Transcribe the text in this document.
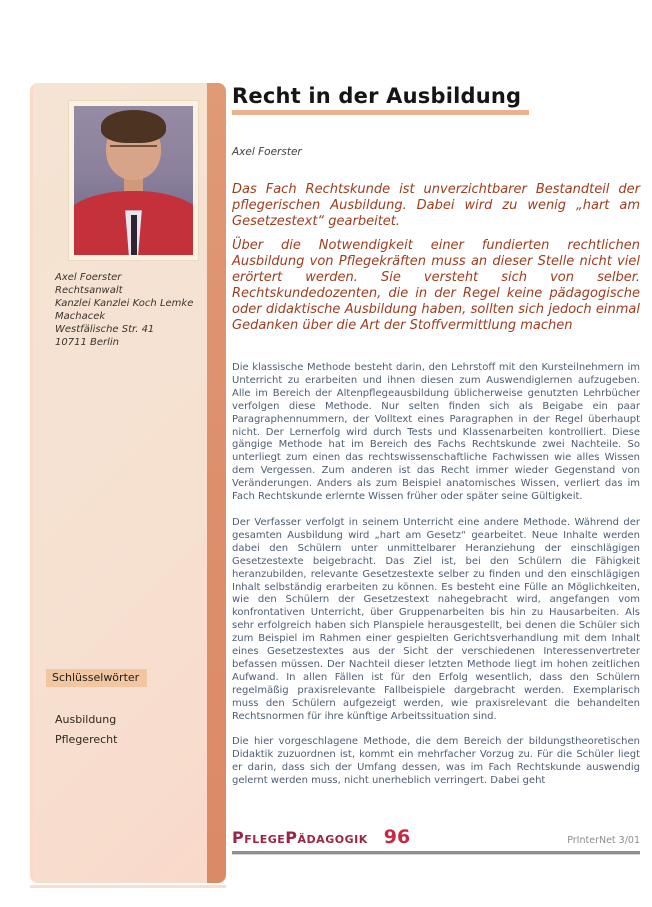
Axel Foerster
Rechtsanwalt
Kanzlei Kanzlei Koch Lemke
Machacek
Westfälische Str. 41
10711 Berlin
Schlüsselwörter
Ausbildung
Pflegerecht
Recht in der Ausbildung
Axel Foerster

Das Fach Rechtskunde ist unverzichtbarer Bestandteil der pflegerischen Ausbildung. Dabei wird zu wenig „hart am Gesetzestext“ gearbeitet.

Über die Notwendigkeit einer fundierten rechtlichen Ausbildung von Pflegekräften muss an dieser Stelle nicht viel erörtert werden. Sie versteht sich von selber. Rechtskundedozenten, die in der Regel keine pädagogische oder didaktische Ausbildung haben, sollten sich jedoch einmal Gedanken über die Art der Stoffvermittlung machen

Die klassische Methode besteht darin, den Lehrstoff mit den Kursteilnehmern im Unterricht zu erarbeiten und ihnen diesen zum Auswendiglernen aufzugeben. Alle im Bereich der Altenpflegeausbildung üblicherweise genutzten Lehrbücher verfolgen diese Methode. Nur selten finden sich als Beigabe ein paar Paragraphennummern, der Volltext eines Paragraphen in der Regel überhaupt nicht. Der Lernerfolg wird durch Tests und Klassenarbeiten kontrolliert. Diese gängige Methode hat im Bereich des Fachs Rechtskunde zwei Nachteile. So unterliegt zum einen das rechtswissenschaftliche Fachwissen wie alles Wissen dem Vergessen. Zum anderen ist das Recht immer wieder Gegenstand von Veränderungen. Anders als zum Beispiel anatomisches Wissen, verliert das im Fach Rechtskunde erlernte Wissen früher oder später seine Gültigkeit.

Der Verfasser verfolgt in seinem Unterricht eine andere Methode. Während der gesamten Ausbildung wird „hart am Gesetz“ gearbeitet. Neue Inhalte werden dabei den Schülern unter unmittelbarer Heranziehung der einschlägigen Gesetzestexte beigebracht. Das Ziel ist, bei den Schülern die Fähigkeit heranzubilden, relevante Gesetzestexte selber zu finden und den einschlägigen Inhalt selbständig erarbeiten zu können. Es besteht eine Fülle an Möglichkeiten, wie den Schülern der Gesetzestext nahegebracht wird, angefangen vom konfrontativen Unterricht, über Gruppenarbeiten bis hin zu Hausarbeiten. Als sehr erfolgreich haben sich Planspiele herausgestellt, bei denen die Schüler sich zum Beispiel im Rahmen einer gespielten Gerichtsverhandlung mit dem Inhalt eines Gesetzestextes aus der Sicht der verschiedenen Interessenvertreter befassen müssen. Der Nachteil dieser letzten Methode liegt im hohen zeitlichen Aufwand. In allen Fällen ist für den Erfolg wesentlich, dass den Schülern regelmäßig praxisrelevante Fallbeispiele dargebracht werden. Exemplarisch muss den Schülern aufgezeigt werden, wie praxisrelevant die behandelten Rechtsnormen für ihre künftige Arbeitssituation sind.

Die hier vorgeschlagene Methode, die dem Bereich der bildungstheoretischen Didaktik zuzuordnen ist, kommt ein mehrfacher Vorzug zu. Für die Schüler liegt er darin, dass sich der Umfang dessen, was im Fach Rechtskunde auswendig gelernt werden muss, nicht unerheblich verringert. Dabei geht

PflegePädagogik 96	PrInterNet 3/01
